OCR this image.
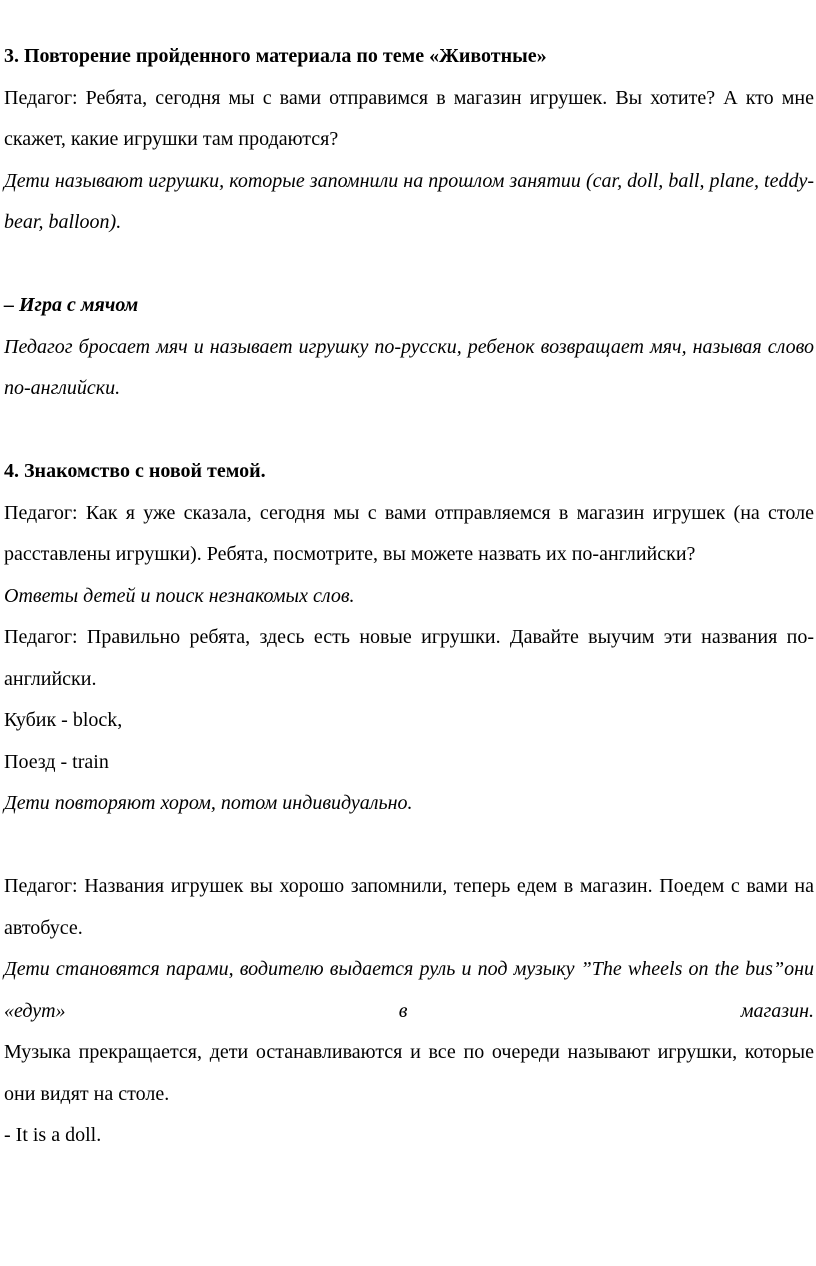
3. Повторение пройденного материала по теме «Животные»

Педагог: Ребята, сегодня мы с вами отправимся в магазин игрушек. Вы хотите? А кто мне скажет, какие игрушки там продаются?

Дети называют игрушки, которые запомнили на прошлом занятии (car, doll, ball, plane, teddy-bear, balloon).

– Игра с мячом

Педагог бросает мяч и называет игрушку по-русски, ребенок возвращает мяч, называя слово по-английски.

4. Знакомство с новой темой.

Педагог: Как я уже сказала, сегодня мы с вами отправляемся в магазин игрушек (на столе расставлены игрушки). Ребята, посмотрите, вы можете назвать их по-английски?

Ответы детей и поиск незнакомых слов.

Педагог: Правильно ребята, здесь есть новые игрушки. Давайте выучим эти названия по-английски.

Кубик - block,

Поезд - train

Дети повторяют хором, потом индивидуально.

Педагог: Названия игрушек вы хорошо запомнили, теперь едем в магазин. Поедем с вами на автобусе.

Дети становятся парами, водителю выдается руль и под музыку ”The wheels on the bus”они «едут» в магазин.

Музыка прекращается, дети останавливаются и все по очереди называют игрушки, которые они видят на столе.

- It is a doll.
